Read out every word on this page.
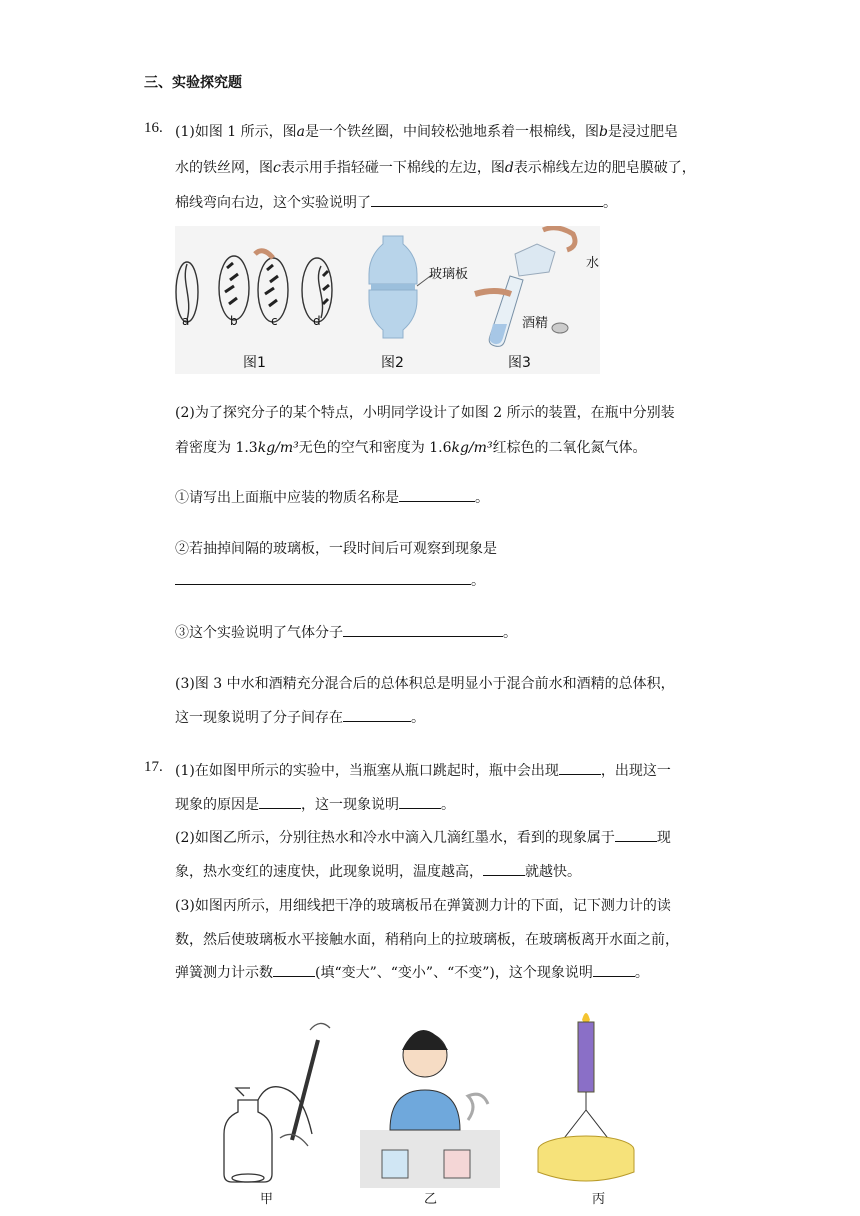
三、实验探究题
16. (1)如图 1 所示，图a是一个铁丝圈，中间较松弛地系着一根棉线，图b是浸过肥皂
水的铁丝网，图c表示用手指轻碰一下棉线的左边，图d表示棉线左边的肥皂膜破了，
棉线弯向右边，这个实验说明了	。
a	b	c	d
玻璃板
水
酒精
图1	图2	图3
(2)为了探究分子的某个特点，小明同学设计了如图 2 所示的装置，在瓶中分别装
着密度为 1.3kg/m³无色的空气和密度为 1.6kg/m³红棕色的二氧化氮气体。
①请写出上面瓶中应装的物质名称是	。
②若抽掉间隔的玻璃板，一段时间后可观察到现象是
。
③这个实验说明了气体分子	。
(3)图 3 中水和酒精充分混合后的总体积总是明显小于混合前水和酒精的总体积，
这一现象说明了分子间存在	。
17. (1)在如图甲所示的实验中，当瓶塞从瓶口跳起时，瓶中会出现	，出现这一
现象的原因是	，这一现象说明	。
(2)如图乙所示，分别往热水和冷水中滴入几滴红墨水，看到的现象属于	现
象，热水变红的速度快，此现象说明，温度越高，	就越快。
(3)如图丙所示，用细线把干净的玻璃板吊在弹簧测力计的下面，记下测力计的读
数，然后使玻璃板水平接触水面，稍稍向上的拉玻璃板，在玻璃板离开水面之前，
弹簧测力计示数	(填“变大”、“变小”、“不变”)，这个现象说明	。
甲	乙	丙
